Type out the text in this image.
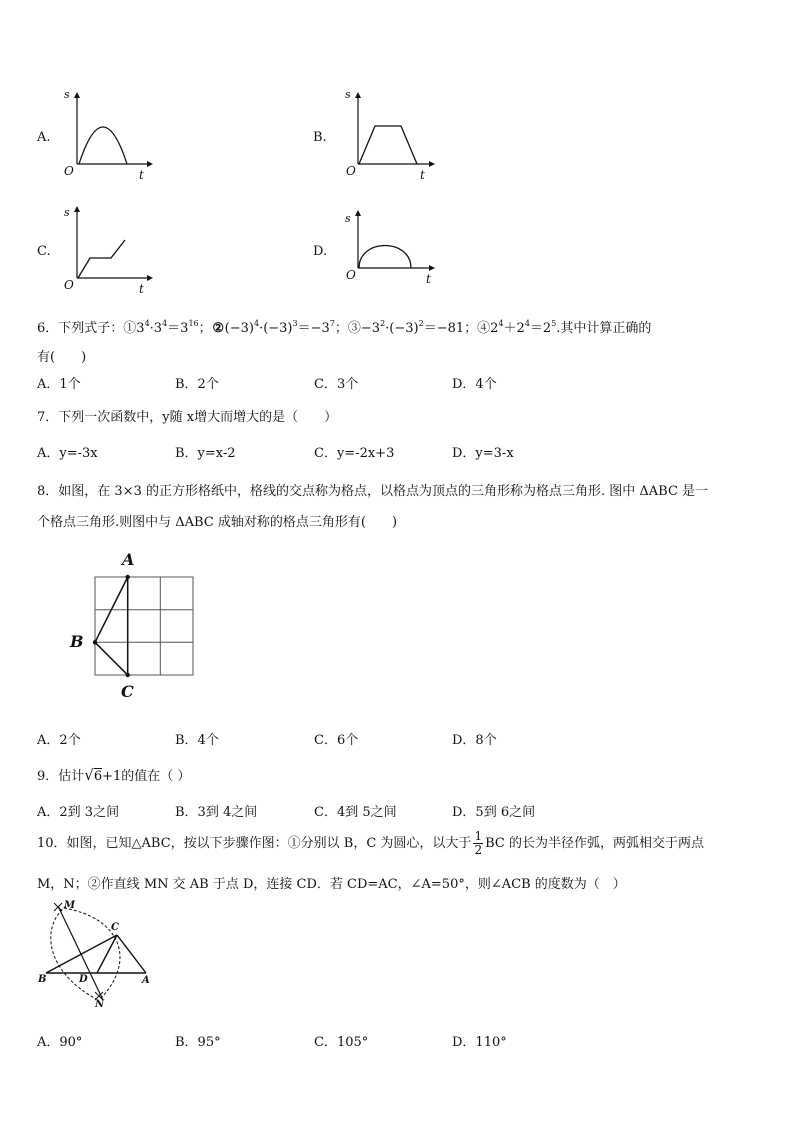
A.
s
O	t
B.
s
O	t
C.
s
O	t
D.
s
O	t
6．下列式子：$①3^4\cdot 3^4=3^{16}$；$②(-3)^4\cdot(-3)^3=-3^7$；$③-3^2\cdot(-3)^2=-81$；$④2^4+2^4=2^5$.其中计算正确的
有(　　)
A．1个	B．2个	C．3个	D．4个
7．下列一次函数中，y随 x增大而增大的是（　　）
A．y=-3x	B．y=x-2	C．y=-2x+3	D．y=3-x
8．如图，在 3×3 的正方形格纸中，格线的交点称为格点，以格点为顶点的三角形称为格点三角形. 图中 ΔABC 是一
个格点三角形.则图中与 ΔABC 成轴对称的格点三角形有(　　)
A
B
C
A．2个	B．4个	C．6个	D．8个
9．估计√6+1的值在（ ）
A．2到 3之间	B．3到 4之间	C．4到 5之间	D．5到 6之间
10．如图，已知△ABC，按以下步骤作图：①分别以 B，C 为圆心，以大于 $\frac{1}{2}$ BC 的长为半径作弧，两弧相交于两点
M，N；②作直线 MN 交 AB 于点 D，连接 CD．若 CD=AC，∠A=50°，则∠ACB 的度数为（　）
M
N
B
C
D	A
A．90°	B．95°	C．105°	D．110°
